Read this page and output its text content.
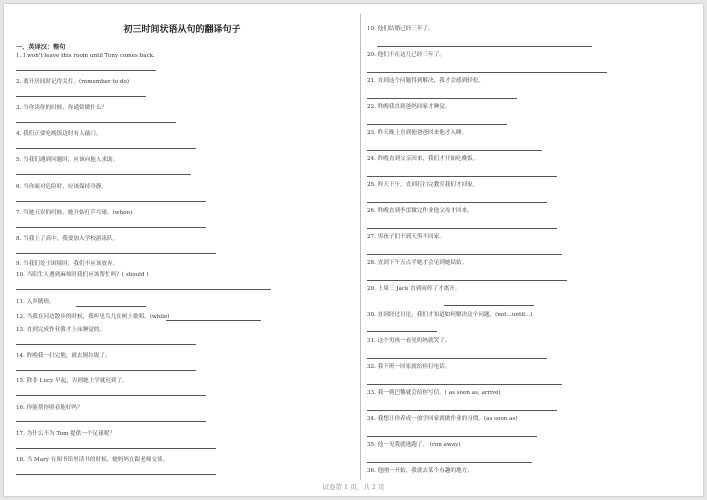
初三时间状语从句的翻译句子
一、英译汉：整句
1. I won't leave this room until Tony comes back.
2. 离开房间时记得关灯。(remember to do)
3. 当你读你的时候，你通常做什么？
4. 我们正要吃晚饭这时有人敲门。
5. 当我们遇到问题时，应该向他人求助。
6. 当你面对危险时，应该保持冷静。
7. 当她五岁的时候，她开始打乒乓球。(when)
8. 当我上了高中，我要加入学校游泳队。
9. 当我们处于困境时，我们不应该放弃。
10. 当陌生人遇到麻烦时我们应该帮忙吗？( should )
11. 入乡随俗。
12. 当我在河边散步的时候，我听见鸟儿在树上歌唱。(while)
13. 直到完成作业我才上床睡觉的。
14. 昨晚我一扫完地，就去倒垃圾了。
15. 除非 Lucy 早起，否则她上学就迟到了。
16. 你能帮你照看他好吗？
17. 为什么不为 Tom 提供一个足球呢？
18. 当 Mary 在图书馆里读书的时候，她妈妈在跟老师交谈。
19. 他们结婚已经三年了。
20. 他们不在这儿已经三年了。
21. 直到这个问题得到解决，我才会感到轻松。
22. 昨晚我直到爸妈回家才睡觉。
23. 昨天晚上直到他爸爸回来他才入睡。
24. 昨晚直到父亲回来，我们才开始吃晚饭。
25. 昨天下午，直到打扫完教室我们才回家。
26. 昨晚直到李雷做完作业他父母才回来。
27. 男孩子们不到天黑不回家。
28. 直到下午五点半她才会见到她姑姑。
29. 上周三 Jack 直到雨停了才离开。
30. 直到经过讨论，我们才知道如何解决这个问题。(not...until...)
31. 这个男孩一看见妈妈就哭了。
32. 我下班一回家就给你打电话。
33. 我一到巴黎就会给你写信。( as soon as, arrive)
34. 我想让你养成一放学回家就做作业的习惯。(as soon as)
35. 他一见我就逃跑了。 (run away)
36. 他刚一开始，我就去某个有趣的地方。
试卷第 1 页，共 2 页
